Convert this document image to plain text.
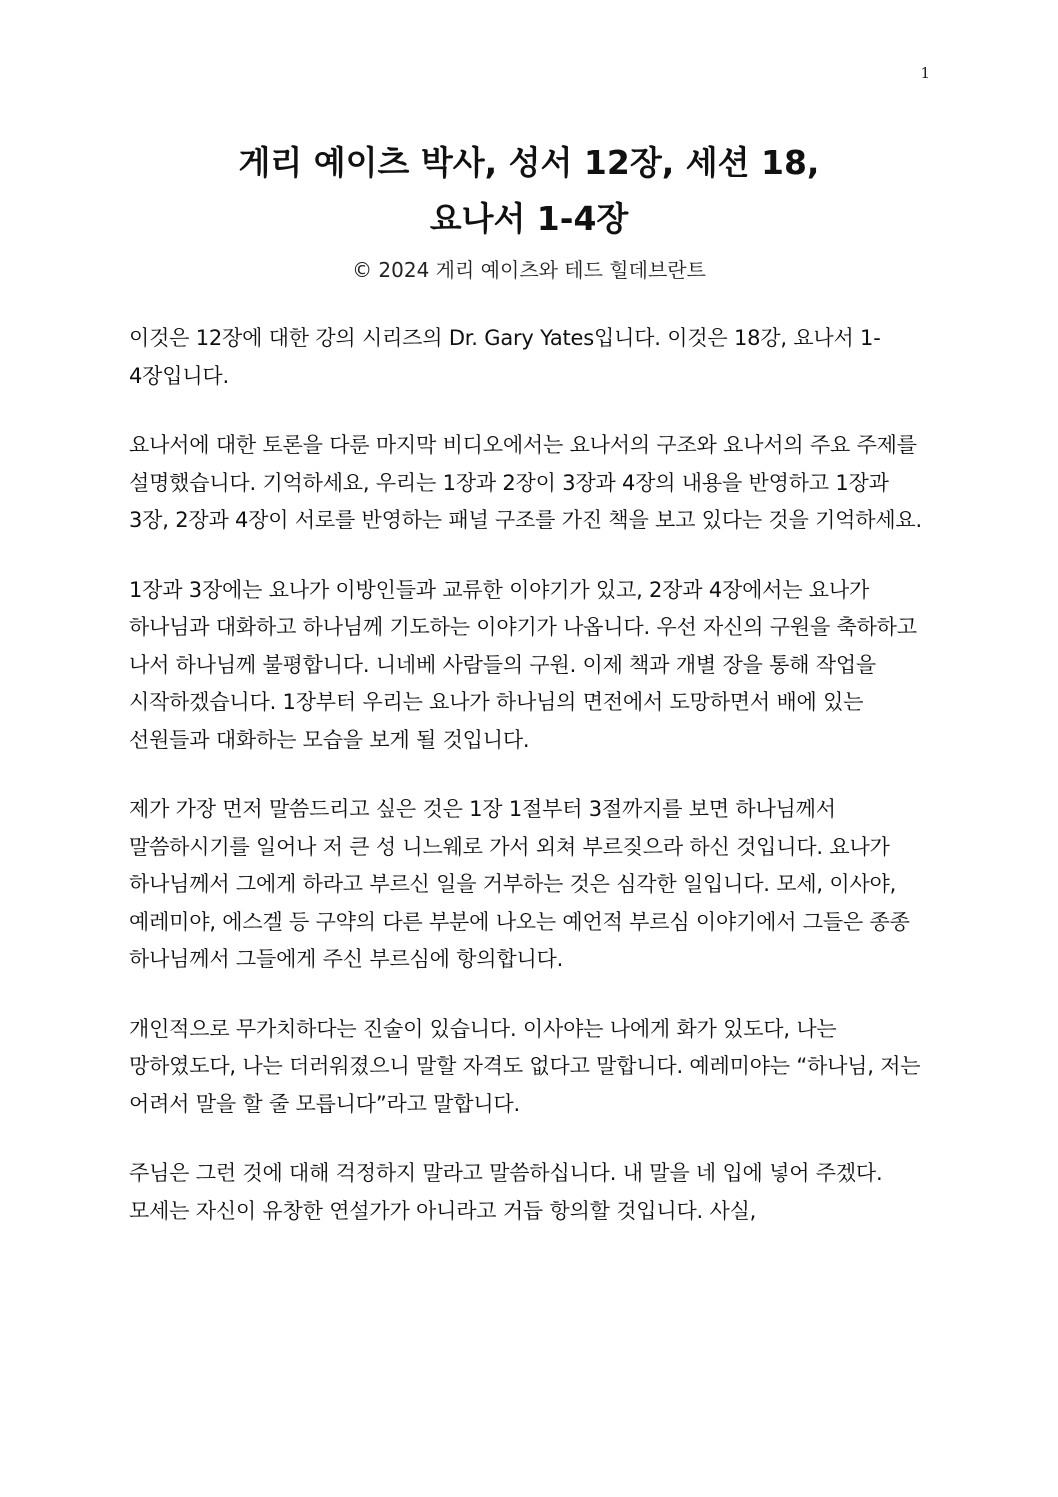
1
게리 예이츠 박사, 성서 12장, 세션 18,
요나서 1-4장
© 2024 게리 예이츠와 테드 힐데브란트

이것은 12장에 대한 강의 시리즈의 Dr. Gary Yates입니다. 이것은 18강, 요나서 1-4장입니다.

요나서에 대한 토론을 다룬 마지막 비디오에서는 요나서의 구조와 요나서의 주요 주제를 설명했습니다. 기억하세요, 우리는 1장과 2장이 3장과 4장의 내용을 반영하고 1장과 3장, 2장과 4장이 서로를 반영하는 패널 구조를 가진 책을 보고 있다는 것을 기억하세요.

1장과 3장에는 요나가 이방인들과 교류한 이야기가 있고, 2장과 4장에서는 요나가 하나님과 대화하고 하나님께 기도하는 이야기가 나옵니다. 우선 자신의 구원을 축하하고 나서 하나님께 불평합니다. 니네베 사람들의 구원. 이제 책과 개별 장을 통해 작업을 시작하겠습니다. 1장부터 우리는 요나가 하나님의 면전에서 도망하면서 배에 있는 선원들과 대화하는 모습을 보게 될 것입니다.

제가 가장 먼저 말씀드리고 싶은 것은 1장 1절부터 3절까지를 보면 하나님께서 말씀하시기를 일어나 저 큰 성 니느웨로 가서 외쳐 부르짖으라 하신 것입니다. 요나가 하나님께서 그에게 하라고 부르신 일을 거부하는 것은 심각한 일입니다. 모세, 이사야, 예레미야, 에스겔 등 구약의 다른 부분에 나오는 예언적 부르심 이야기에서 그들은 종종 하나님께서 그들에게 주신 부르심에 항의합니다.

개인적으로 무가치하다는 진술이 있습니다. 이사야는 나에게 화가 있도다, 나는 망하였도다, 나는 더러워졌으니 말할 자격도 없다고 말합니다. 예레미야는 “하나님, 저는 어려서 말을 할 줄 모릅니다”라고 말합니다.

주님은 그런 것에 대해 걱정하지 말라고 말씀하십니다. 내 말을 네 입에 넣어 주겠다. 모세는 자신이 유창한 연설가가 아니라고 거듭 항의할 것입니다. 사실,
